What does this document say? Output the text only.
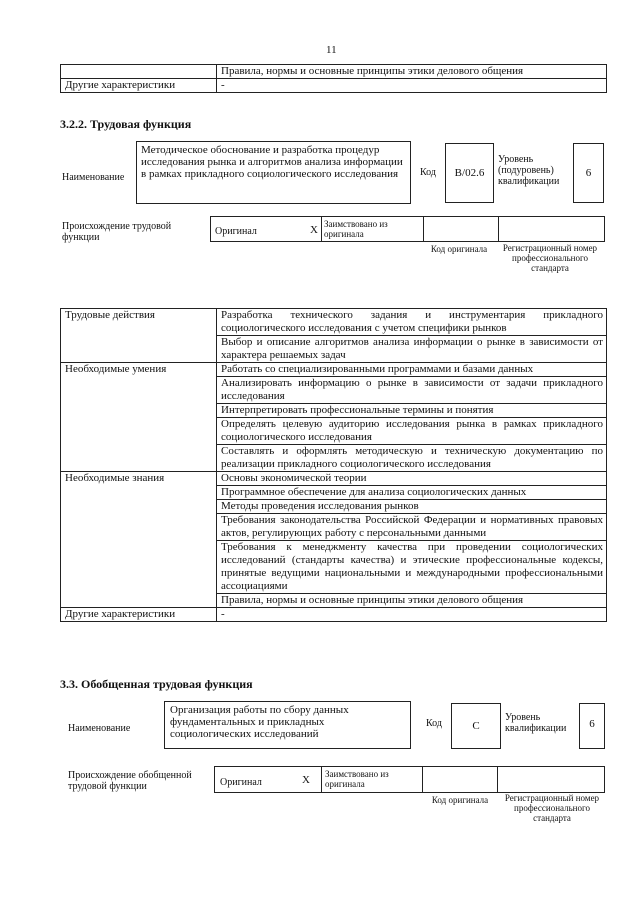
11
	Правила, нормы и основные принципы этики делового общения
Другие характеристики	-
3.2.2. Трудовая функция
Наименование
Методическое обоснование и разработка процедур исследования рынка и алгоритмов анализа информации в рамках прикладного социологического исследования	Код	B/02.6
Уровень (подуровень) квалификации
6
Происхождение трудовой функции
Оригинал	X Заимствовано из оригинала
Код оригинала	Регистрационный номер профессионального стандарта
Трудовые действия	Разработка технического задания и инструментария прикладного социологического исследования с учетом специфики рынков
	Выбор и описание алгоритмов анализа информации о рынке в зависимости от характера решаемых задач
Необходимые умения	Работать со специализированными программами и базами данных
	Анализировать информацию о рынке в зависимости от задачи прикладного исследования
	Интерпретировать профессиональные термины и понятия
	Определять целевую аудиторию исследования рынка в рамках прикладного социологического исследования
	Составлять и оформлять методическую и техническую документацию по реализации прикладного социологического исследования
Необходимые знания	Основы экономической теории
	Программное обеспечение для анализа социологических данных
	Методы проведения исследования рынков
	Требования законодательства Российской Федерации и нормативных правовых актов, регулирующих работу с персональными данными
	Требования к менеджменту качества при проведении социологических исследований (стандарты качества) и этические профессиональные кодексы, принятые ведущими национальными и международными профессиональными ассоциациями
	Правила, нормы и основные принципы этики делового общения
Другие характеристики	-
3.3. Обобщенная трудовая функция
Наименование
Организация работы по сбору данных фундаментальных и прикладных социологических исследований
Код	C
Уровень квалификации	6
Происхождение обобщенной трудовой функции	Оригинал	X Заимствовано из оригинала
Код оригинала	Регистрационный номер профессионального стандарта
